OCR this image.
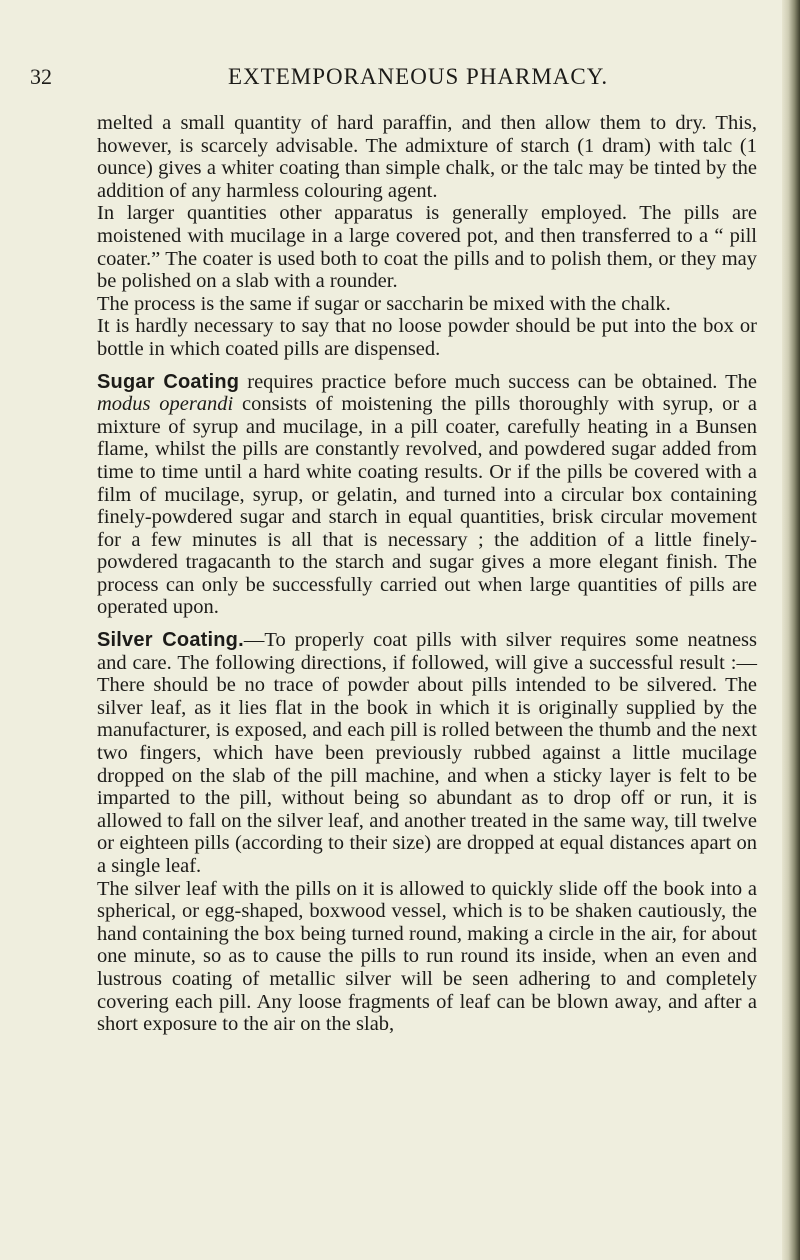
32	EXTEMPORANEOUS PHARMACY.

melted a small quantity of hard paraffin, and then allow them to dry. This, however, is scarcely advisable. The admixture of starch (1 dram) with talc (1 ounce) gives a whiter coating than simple chalk, or the talc may be tinted by the addition of any harmless colouring agent.

In larger quantities other apparatus is generally employed. The pills are moistened with mucilage in a large covered pot, and then transferred to a “ pill coater.” The coater is used both to coat the pills and to polish them, or they may be polished on a slab with a rounder.

The process is the same if sugar or saccharin be mixed with the chalk.

It is hardly necessary to say that no loose powder should be put into the box or bottle in which coated pills are dispensed.

Sugar Coating requires practice before much success can be obtained. The modus operandi consists of moistening the pills thoroughly with syrup, or a mixture of syrup and mucilage, in a pill coater, carefully heating in a Bunsen flame, whilst the pills are constantly revolved, and powdered sugar added from time to time until a hard white coating results. Or if the pills be covered with a film of mucilage, syrup, or gelatin, and turned into a circular box containing finely-powdered sugar and starch in equal quantities, brisk circular movement for a few minutes is all that is necessary ; the addition of a little finely-powdered tragacanth to the starch and sugar gives a more elegant finish. The process can only be successfully carried out when large quantities of pills are operated upon.

Silver Coating.—To properly coat pills with silver requires some neatness and care. The following directions, if followed, will give a successful result :—There should be no trace of powder about pills intended to be silvered. The silver leaf, as it lies flat in the book in which it is originally supplied by the manufacturer, is exposed, and each pill is rolled between the thumb and the next two fingers, which have been previously rubbed against a little mucilage dropped on the slab of the pill machine, and when a sticky layer is felt to be imparted to the pill, without being so abundant as to drop off or run, it is allowed to fall on the silver leaf, and another treated in the same way, till twelve or eighteen pills (according to their size) are dropped at equal distances apart on a single leaf.

The silver leaf with the pills on it is allowed to quickly slide off the book into a spherical, or egg-shaped, boxwood vessel, which is to be shaken cautiously, the hand containing the box being turned round, making a circle in the air, for about one minute, so as to cause the pills to run round its inside, when an even and lustrous coating of metallic silver will be seen adhering to and completely covering each pill. Any loose fragments of leaf can be blown away, and after a short exposure to the air on the slab,
